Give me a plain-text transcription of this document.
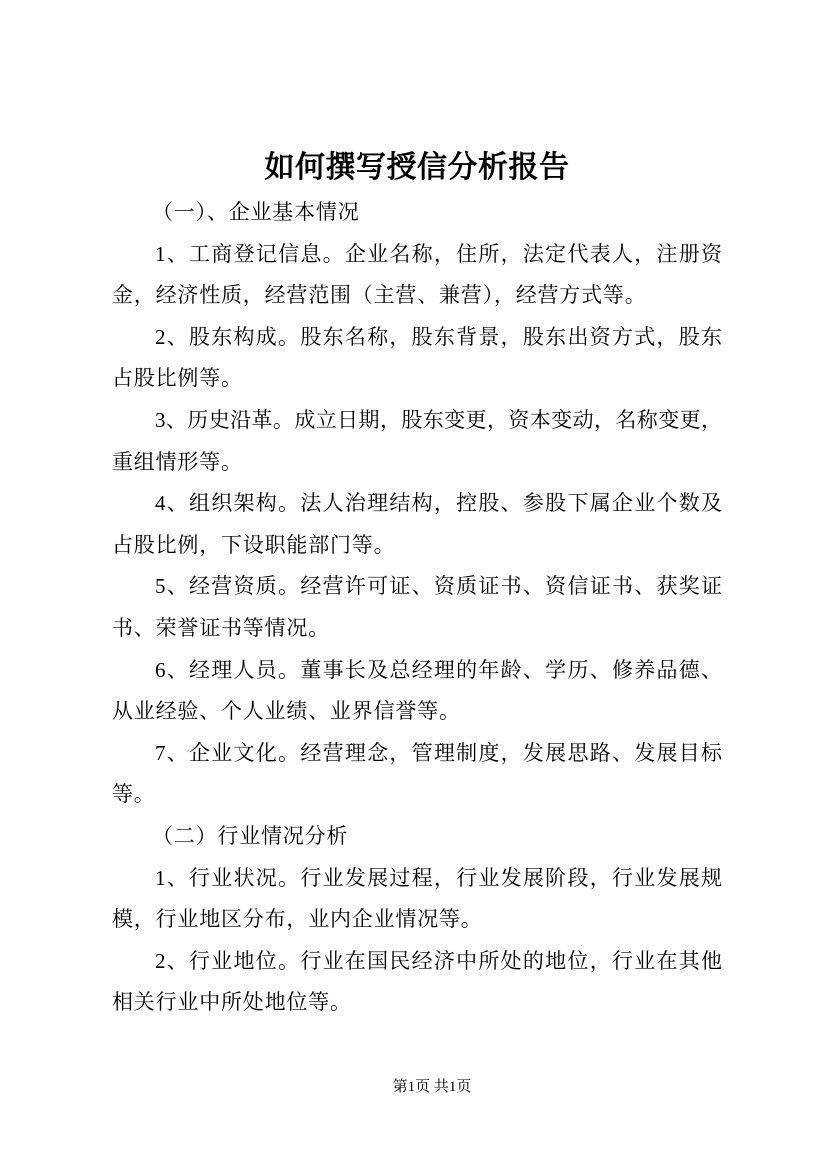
如何撰写授信分析报告
（一）、企业基本情况
1、工商登记信息。企业名称，住所，法定代表人，注册资
金，经济性质，经营范围（主营、兼营），经营方式等。
2、股东构成。股东名称，股东背景，股东出资方式，股东
占股比例等。
3、历史沿革。成立日期，股东变更，资本变动，名称变更，
重组情形等。
4、组织架构。法人治理结构，控股、参股下属企业个数及
占股比例，下设职能部门等。
5、经营资质。经营许可证、资质证书、资信证书、获奖证
书、荣誉证书等情况。
6、经理人员。董事长及总经理的年龄、学历、修养品德、
从业经验、个人业绩、业界信誉等。
7、企业文化。经营理念，管理制度，发展思路、发展目标
等。
（二）行业情况分析
1、行业状况。行业发展过程，行业发展阶段，行业发展规
模，行业地区分布，业内企业情况等。
2、行业地位。行业在国民经济中所处的地位，行业在其他
相关行业中所处地位等。
第1页 共1页
